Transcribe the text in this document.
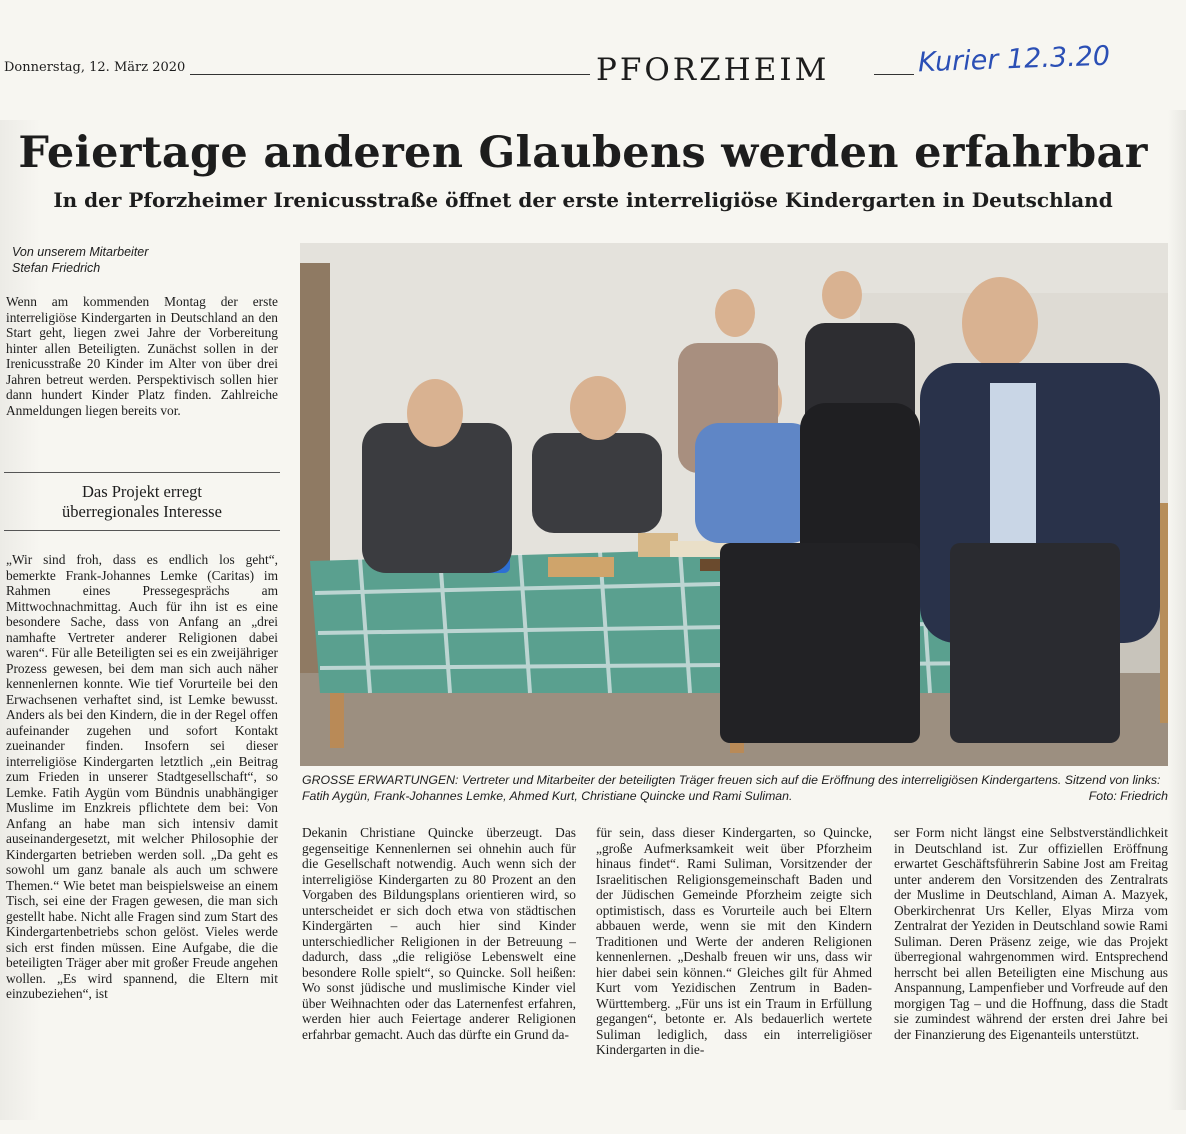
Donnerstag, 12. März 2020	PFORZHEIM	Kurier 12.3.20
Feiertage anderen Glaubens werden erfahrbar
In der Pforzheimer Irenicusstraße öffnet der erste interreligiöse Kindergarten in Deutschland
Von unserem Mitarbeiter
Stefan Friedrich

Wenn am kommenden Montag der erste interreligiöse Kindergarten in Deutschland an den Start geht, liegen zwei Jahre der Vorbereitung hinter allen Beteiligten. Zunächst sollen in der Irenicusstraße 20 Kinder im Alter von über drei Jahren betreut werden. Perspektivisch sollen hier dann hundert Kinder Platz finden. Zahlreiche Anmeldungen liegen bereits vor.

Das Projekt erregt
überregionales Interesse

„Wir sind froh, dass es endlich los geht“, bemerkte Frank-Johannes Lemke (Caritas) im Rahmen eines Pressegesprächs am Mittwochnachmittag. Auch für ihn ist es eine besondere Sache, dass von Anfang an „drei namhafte Vertreter anderer Religionen dabei waren“. Für alle Beteiligten sei es ein zweijähriger Prozess gewesen, bei dem man sich auch näher kennenlernen konnte. Wie tief Vorurteile bei den Erwachsenen verhaftet sind, ist Lemke bewusst. Anders als bei den Kindern, die in der Regel offen aufeinander zugehen und sofort Kontakt zueinander finden. Insofern sei dieser interreligiöse Kindergarten letztlich „ein Beitrag zum Frieden in unserer Stadtgesellschaft“, so Lemke. Fatih Aygün vom Bündnis unabhängiger Muslime im Enzkreis pflichtete dem bei: Von Anfang an habe man sich intensiv damit auseinandergesetzt, mit welcher Philosophie der Kindergarten betrieben werden soll. „Da geht es sowohl um ganz banale als auch um schwere Themen.“ Wie betet man beispielsweise an einem Tisch, sei eine der Fragen gewesen, die man sich gestellt habe. Nicht alle Fragen sind zum Start des Kindergartenbetriebs schon gelöst. Vieles werde sich erst finden müssen. Eine Aufgabe, die die beteiligten Träger aber mit großer Freude angehen wollen. „Es wird spannend, die Eltern mit einzubeziehen“, ist

GROSSE ERWARTUNGEN: Vertreter und Mitarbeiter der beteiligten Träger freuen sich auf die Eröffnung des interreligiösen Kindergartens. Sitzend von links: Fatih Aygün, Frank-Johannes Lemke, Ahmed Kurt, Christiane Quincke und Rami Suliman.	Foto: Friedrich

Dekanin Christiane Quincke überzeugt. Das gegenseitige Kennenlernen sei ohnehin auch für die Gesellschaft notwendig. Auch wenn sich der interreligiöse Kindergarten zu 80 Prozent an den Vorgaben des Bildungsplans orientieren wird, so unterscheidet er sich doch etwa von städtischen Kindergärten – auch hier sind Kinder unterschiedlicher Religionen in der Betreuung – dadurch, dass „die religiöse Lebenswelt eine besondere Rolle spielt“, so Quincke. Soll heißen: Wo sonst jüdische und muslimische Kinder viel über Weihnachten oder das Laternenfest erfahren, werden hier auch Feiertage anderer Religionen erfahrbar gemacht. Auch das dürfte ein Grund da-

für sein, dass dieser Kindergarten, so Quincke, „große Aufmerksamkeit weit über Pforzheim hinaus findet“. Rami Suliman, Vorsitzender der Israelitischen Religionsgemeinschaft Baden und der Jüdischen Gemeinde Pforzheim zeigte sich optimistisch, dass es Vorurteile auch bei Eltern abbauen werde, wenn sie mit den Kindern Traditionen und Werte der anderen Religionen kennenlernen. „Deshalb freuen wir uns, dass wir hier dabei sein können.“ Gleiches gilt für Ahmed Kurt vom Yezidischen Zentrum in Baden-Württemberg. „Für uns ist ein Traum in Erfüllung gegangen“, betonte er. Als bedauerlich wertete Suliman lediglich, dass ein interreligiöser Kindergarten in die-

ser Form nicht längst eine Selbstverständlichkeit in Deutschland ist. Zur offiziellen Eröffnung erwartet Geschäftsführerin Sabine Jost am Freitag unter anderem den Vorsitzenden des Zentralrats der Muslime in Deutschland, Aiman A. Mazyek, Oberkirchenrat Urs Keller, Elyas Mirza vom Zentralrat der Yeziden in Deutschland sowie Rami Suliman. Deren Präsenz zeige, wie das Projekt überregional wahrgenommen wird. Entsprechend herrscht bei allen Beteiligten eine Mischung aus Anspannung, Lampenfieber und Vorfreude auf den morgigen Tag – und die Hoffnung, dass die Stadt sie zumindest während der ersten drei Jahre bei der Finanzierung des Eigenanteils unterstützt.
